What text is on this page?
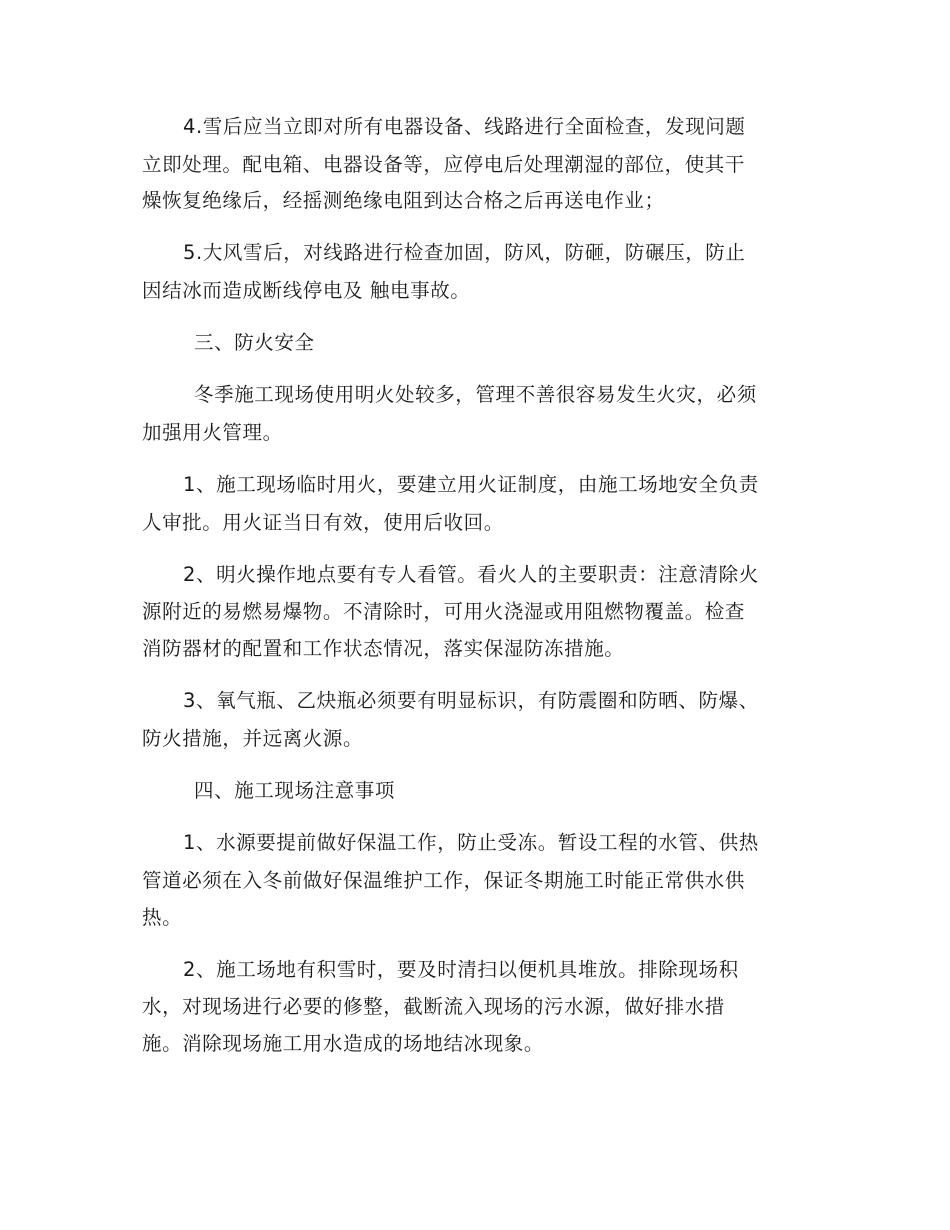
4.雪后应当立即对所有电器设备、线路进行全面检查，发现问题
立即处理。配电箱、电器设备等，应停电后处理潮湿的部位，使其干
燥恢复绝缘后，经摇测绝缘电阻到达合格之后再送电作业；
5.大风雪后，对线路进行检查加固，防风，防砸，防碾压，防止
因结冰而造成断线停电及 触电事故。
三、防火安全
冬季施工现场使用明火处较多，管理不善很容易发生火灾，必须
加强用火管理。
1、施工现场临时用火，要建立用火证制度，由施工场地安全负责
人审批。用火证当日有效，使用后收回。
2、明火操作地点要有专人看管。看火人的主要职责：注意清除火
源附近的易燃易爆物。不清除时，可用火浇湿或用阻燃物覆盖。检查
消防器材的配置和工作状态情况，落实保湿防冻措施。
3、氧气瓶、乙炔瓶必须要有明显标识，有防震圈和防晒、防爆、
防火措施，并远离火源。
四、施工现场注意事项
1、水源要提前做好保温工作，防止受冻。暂设工程的水管、供热
管道必须在入冬前做好保温维护工作，保证冬期施工时能正常供水供
热。
2、施工场地有积雪时，要及时清扫以便机具堆放。排除现场积
水，对现场进行必要的修整，截断流入现场的污水源，做好排水措
施。消除现场施工用水造成的场地结冰现象。
